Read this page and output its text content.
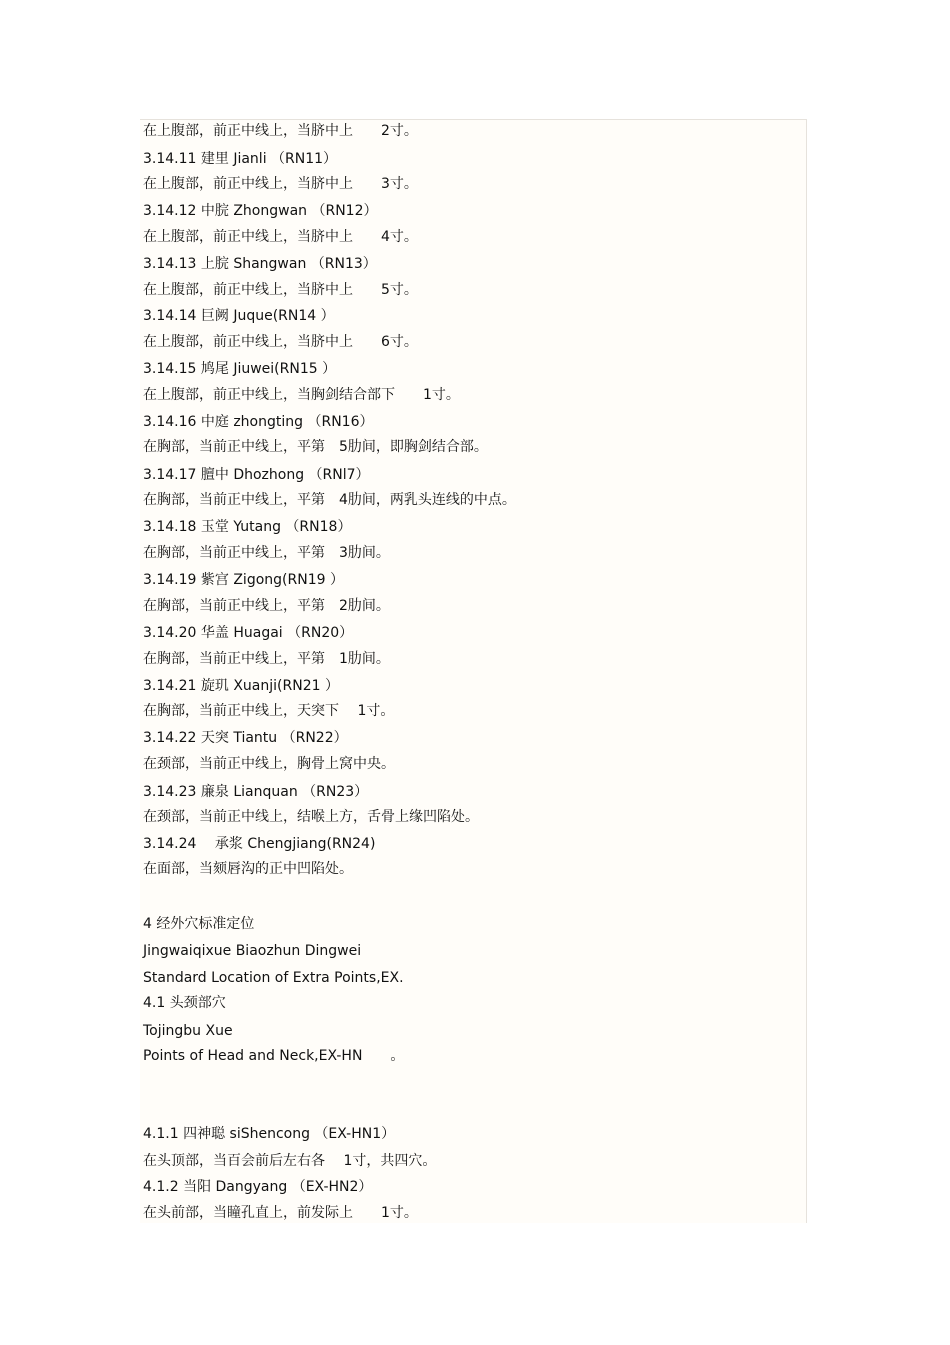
在上腹部，前正中线上，当脐中上　　2寸。
3.14.11 建里 Jianli （RN11）
在上腹部，前正中线上，当脐中上　　3寸。
3.14.12 中脘 Zhongwan （RN12）
在上腹部，前正中线上，当脐中上　　4寸。
3.14.13 上脘 Shangwan （RN13）
在上腹部，前正中线上，当脐中上　　5寸。
3.14.14 巨阙 Juque(RN14 ）
在上腹部，前正中线上，当脐中上　　6寸。
3.14.15 鸠尾 Jiuwei(RN15 ）
在上腹部，前正中线上，当胸剑结合部下　　1寸。
3.14.16 中庭 zhongting （RN16）
在胸部，当前正中线上，平第　5肋间，即胸剑结合部。
3.14.17 膻中 Dhozhong （RNl7）
在胸部，当前正中线上，平第　4肋间，两乳头连线的中点。
3.14.18 玉堂 Yutang （RN18）
在胸部，当前正中线上，平第　3肋间。
3.14.19 紫宫 Zigong(RN19 ）
在胸部，当前正中线上，平第　2肋间。
3.14.20 华盖 Huagai （RN20）
在胸部，当前正中线上，平第　1肋间。
3.14.21 旋玑 Xuanji(RN21 ）
在胸部，当前正中线上，天突下　 1寸。
3.14.22 天突 Tiantu （RN22）
在颈部，当前正中线上，胸骨上窝中央。
3.14.23 廉泉 Lianquan （RN23）
在颈部，当前正中线上，结喉上方，舌骨上缘凹陷处。
3.14.24 　承浆 Chengjiang(RN24)
在面部，当颏唇沟的正中凹陷处。
4 经外穴标准定位
Jingwaiqixue Biaozhun Dingwei
Standard Location of Extra Points,EX.
4.1 头颈部穴
Tojingbu Xue
Points of Head and Neck,EX-HN　　。
4.1.1 四神聪 siShencong （EX-HN1）
在头顶部，当百会前后左右各　 1寸，共四穴。
4.1.2 当阳 Dangyang （EX-HN2）
在头前部，当瞳孔直上，前发际上　　1寸。
